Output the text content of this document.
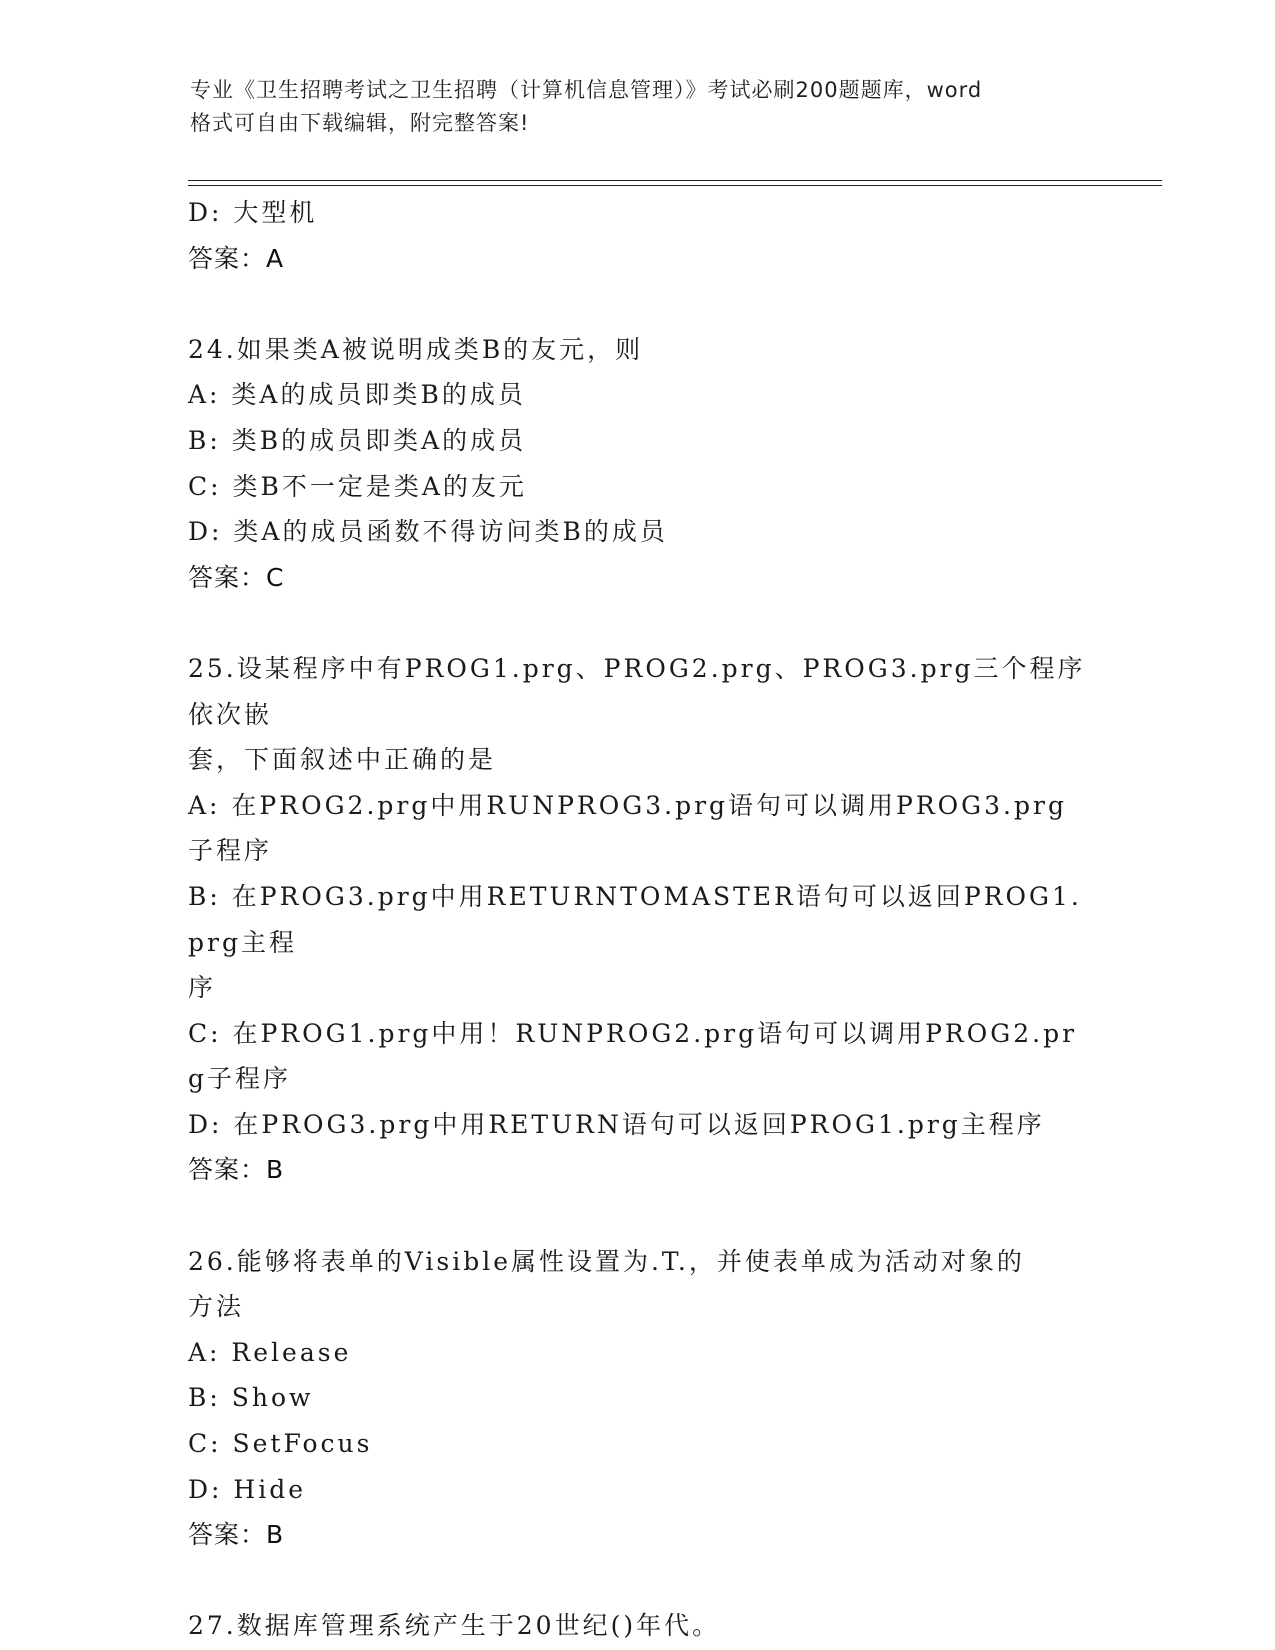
专业《卫生招聘考试之卫生招聘（计算机信息管理）》考试必刷200题题库，word
格式可自由下载编辑，附完整答案!
D: 大型机
答案：A
24.如果类A被说明成类B的友元，则
A: 类A的成员即类B的成员
B: 类B的成员即类A的成员
C: 类B不一定是类A的友元
D: 类A的成员函数不得访问类B的成员
答案：C
25.设某程序中有PROG1.prg、PROG2.prg、PROG3.prg三个程序依次嵌
套，下面叙述中正确的是
A: 在PROG2.prg中用RUNPROG3.prg语句可以调用PROG3.prg子程序
B: 在PROG3.prg中用RETURNTOMASTER语句可以返回PROG1.prg主程
序
C: 在PROG1.prg中用！RUNPROG2.prg语句可以调用PROG2.prg子程序
D: 在PROG3.prg中用RETURN语句可以返回PROG1.prg主程序
答案：B
26.能够将表单的Visible属性设置为.T.，并使表单成为活动对象的
方法
A: Release
B: Show
C: SetFocus
D: Hide
答案：B
27.数据库管理系统产生于20世纪()年代。
